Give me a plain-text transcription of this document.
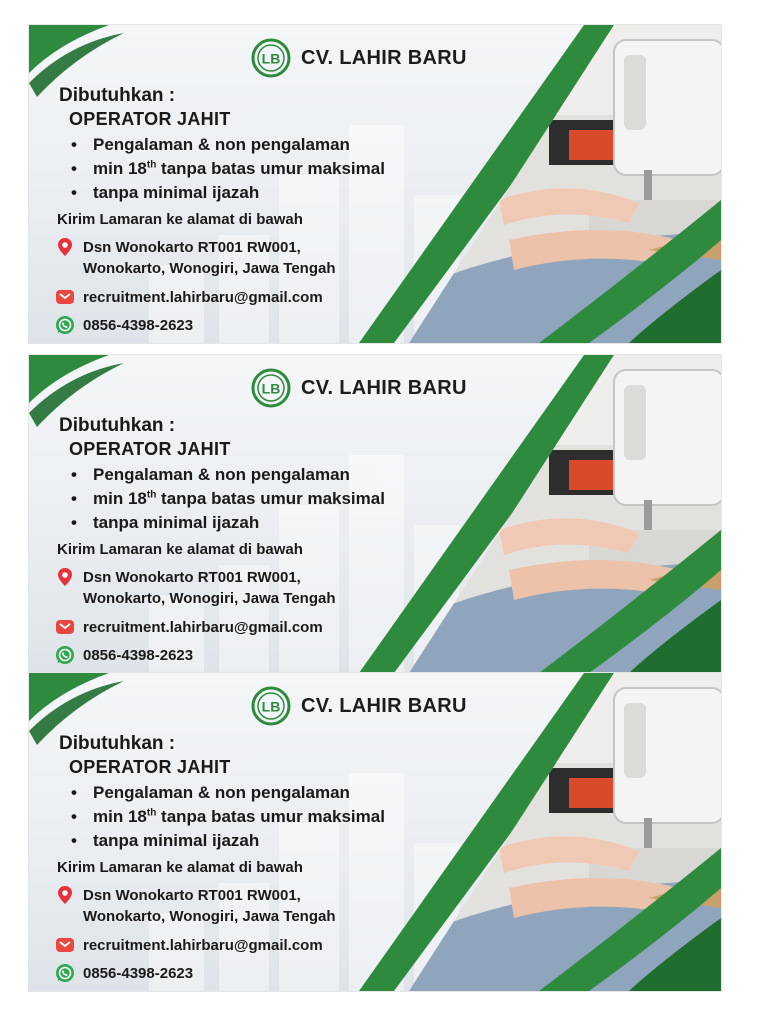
LB CV. LAHIR BARU
Dibutuhkan :
OPERATOR JAHIT
• Pengalaman & non pengalaman
• min 18th tanpa batas umur maksimal
• tanpa minimal ijazah
Kirim Lamaran ke alamat di bawah
Dsn Wonokarto RT001 RW001,
Wonokarto, Wonogiri, Jawa Tengah
recruitment.lahirbaru@gmail.com
0856-4398-2623
LB CV. LAHIR BARU
Dibutuhkan :
OPERATOR JAHIT
• Pengalaman & non pengalaman
• min 18th tanpa batas umur maksimal
• tanpa minimal ijazah
Kirim Lamaran ke alamat di bawah
Dsn Wonokarto RT001 RW001,
Wonokarto, Wonogiri, Jawa Tengah
recruitment.lahirbaru@gmail.com
0856-4398-2623
LB CV. LAHIR BARU
Dibutuhkan :
OPERATOR JAHIT
• Pengalaman & non pengalaman
• min 18th tanpa batas umur maksimal
• tanpa minimal ijazah
Kirim Lamaran ke alamat di bawah
Dsn Wonokarto RT001 RW001,
Wonokarto, Wonogiri, Jawa Tengah
recruitment.lahirbaru@gmail.com
0856-4398-2623
